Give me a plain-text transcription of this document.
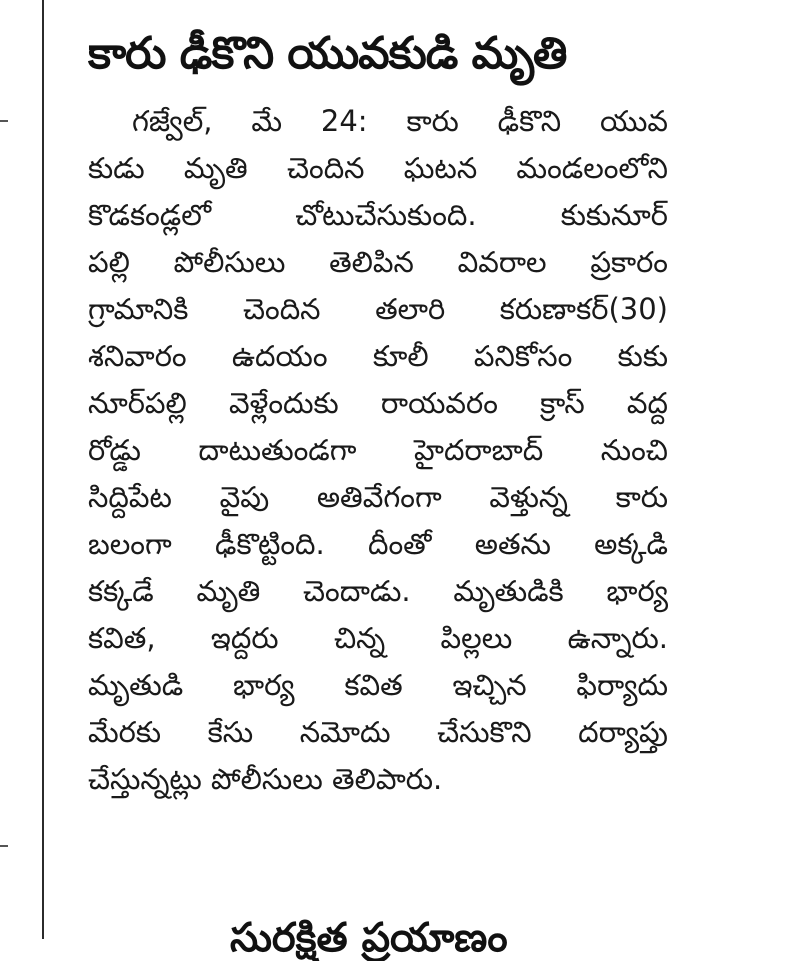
కారు ఢీకొని యువకుడి మృతి

గజ్వేల్, మే 24: కారు ఢీకొని యువ
కుడు మృతి చెందిన ఘటన మండలంలోని
కొడకండ్లలో చోటుచేసుకుంది. కుకునూర్
పల్లి పోలీసులు తెలిపిన వివరాల ప్రకారం
గ్రామానికి చెందిన తలారి కరుణాకర్(30)
శనివారం ఉదయం కూలీ పనికోసం కుకు
నూర్‌పల్లి వెళ్లేందుకు రాయవరం క్రాస్ వద్ద
రోడ్డు దాటుతుండగా హైదరాబాద్ నుంచి
సిద్దిపేట వైపు అతివేగంగా వెళ్తున్న కారు
బలంగా ఢీకొట్టింది. దీంతో అతను అక్కడి
కక్కడే మృతి చెందాడు. మృతుడికి భార్య
కవిత, ఇద్దరు చిన్న పిల్లలు ఉన్నారు.
మృతుడి భార్య కవిత ఇచ్చిన ఫిర్యాదు
మేరకు కేసు నమోదు చేసుకొని దర్యాప్తు
చేస్తున్నట్లు పోలీసులు తెలిపారు.

సురక్షిత ప్రయాణం
